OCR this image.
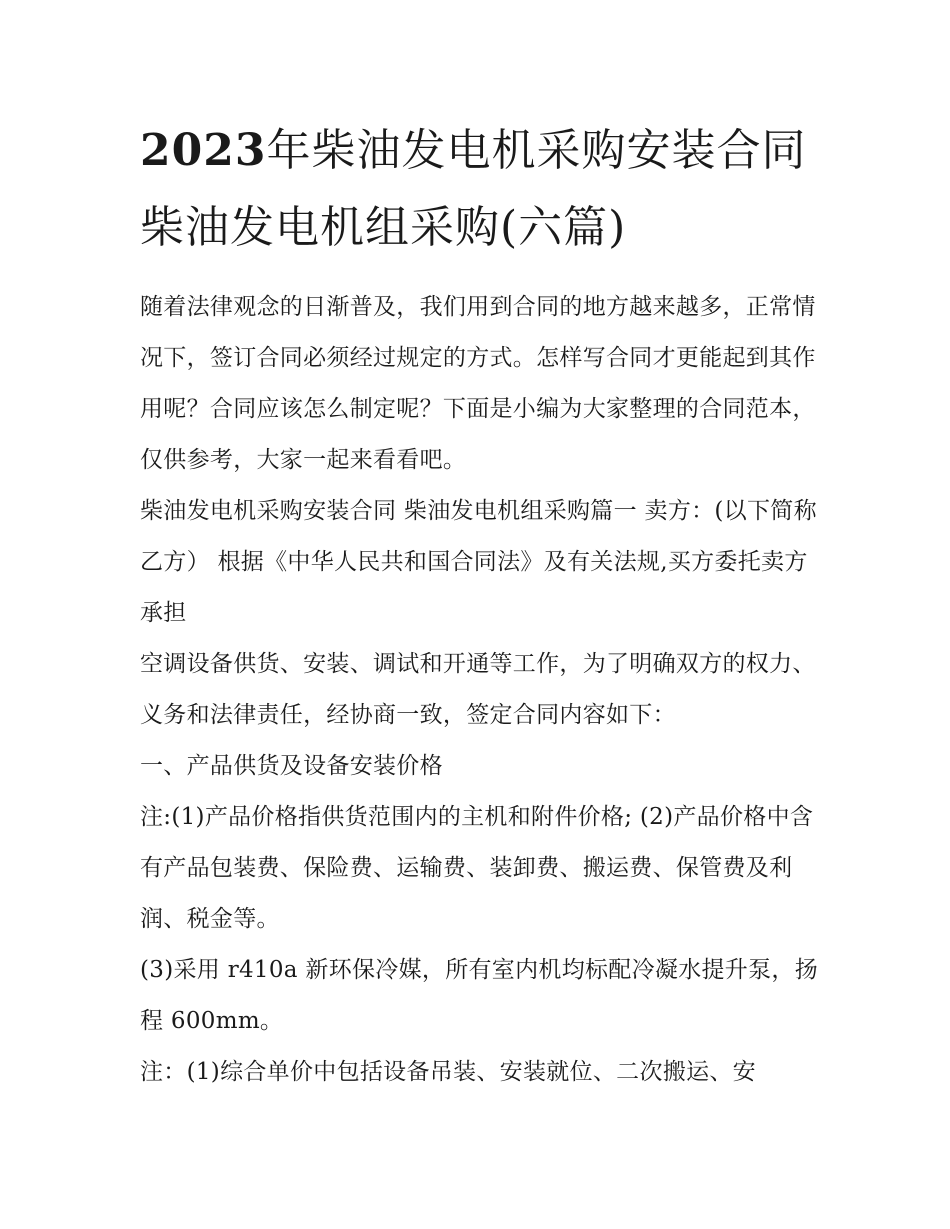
2023年柴油发电机采购安装合同 柴油发电机组采购(六篇)

随着法律观念的日渐普及，我们用到合同的地方越来越多，正常情况下，签订合同必须经过规定的方式。怎样写合同才更能起到其作用呢？合同应该怎么制定呢？下面是小编为大家整理的合同范本，仅供参考，大家一起来看看吧。

柴油发电机采购安装合同 柴油发电机组采购篇一 卖方：(以下简称乙方） 根据《中华人民共和国合同法》及有关法规,买方委托卖方承担

空调设备供货、安装、调试和开通等工作，为了明确双方的权力、义务和法律责任，经协商一致，签定合同内容如下：

一、产品供货及设备安装价格

注:(1)产品价格指供货范围内的主机和附件价格; (2)产品价格中含有产品包装费、保险费、运输费、装卸费、搬运费、保管费及利润、税金等。

(3)采用 r410a 新环保冷媒，所有室内机均标配冷凝水提升泵，扬程 600mm。

注：(1)综合单价中包括设备吊装、安装就位、二次搬运、安
